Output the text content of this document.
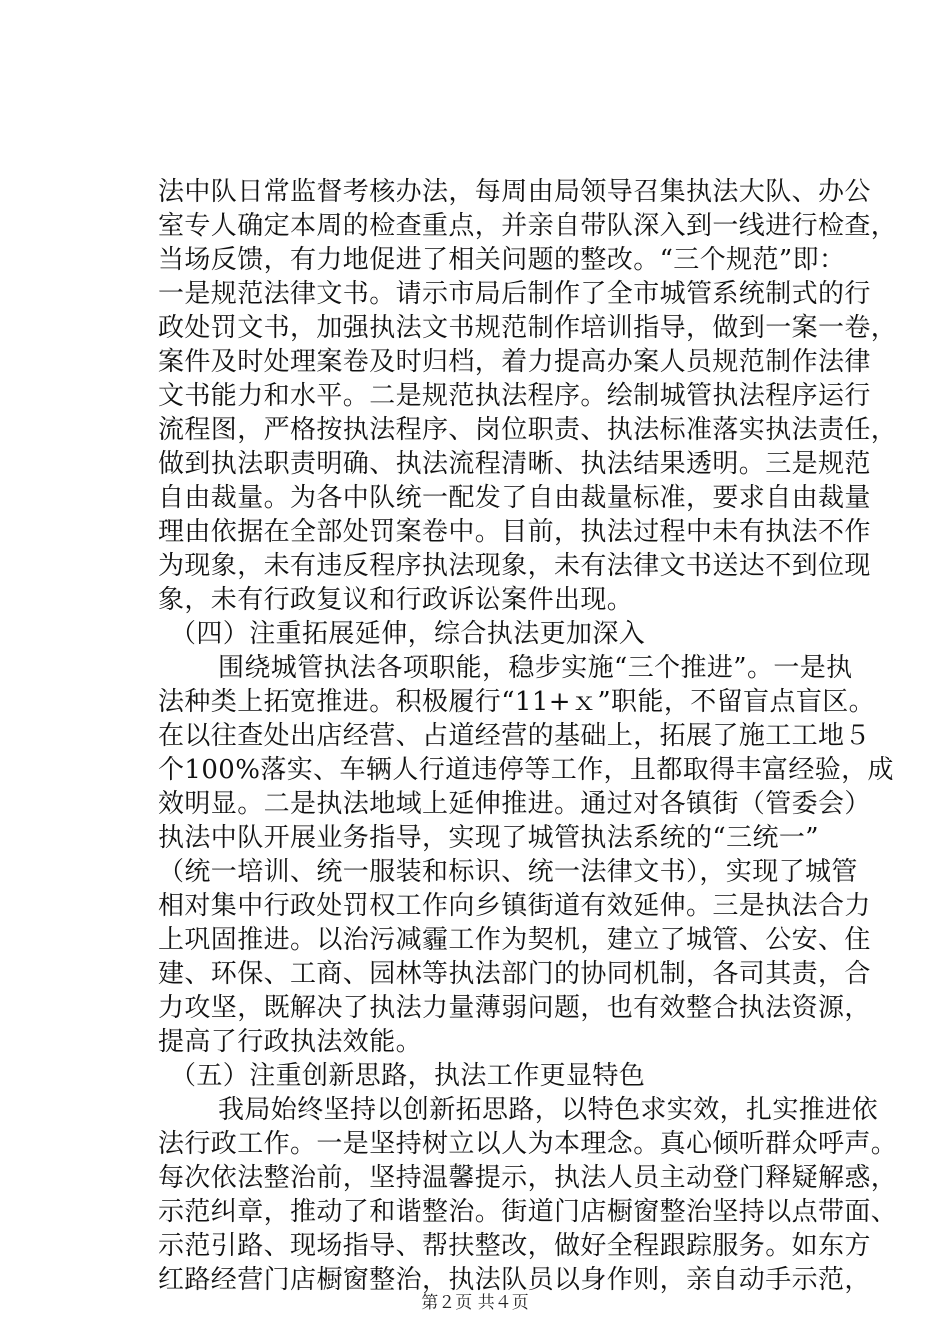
法中队日常监督考核办法，每周由局领导召集执法大队、办公
室专人确定本周的检查重点，并亲自带队深入到一线进行检查，
当场反馈，有力地促进了相关问题的整改。“三个规范”即：
一是规范法律文书。请示市局后制作了全市城管系统制式的行
政处罚文书，加强执法文书规范制作培训指导，做到一案一卷，
案件及时处理案卷及时归档，着力提高办案人员规范制作法律
文书能力和水平。二是规范执法程序。绘制城管执法程序运行
流程图，严格按执法程序、岗位职责、执法标准落实执法责任，
做到执法职责明确、执法流程清晰、执法结果透明。三是规范
自由裁量。为各中队统一配发了自由裁量标准，要求自由裁量
理由依据在全部处罚案卷中。目前，执法过程中未有执法不作
为现象，未有违反程序执法现象，未有法律文书送达不到位现
象，未有行政复议和行政诉讼案件出现。
（四）注重拓展延伸，综合执法更加深入
围绕城管执法各项职能，稳步实施“三个推进”。一是执
法种类上拓宽推进。积极履行“11+ｘ”职能，不留盲点盲区。
在以往查处出店经营、占道经营的基础上，拓展了施工工地５
个100%落实、车辆人行道违停等工作，且都取得丰富经验，成
效明显。二是执法地域上延伸推进。通过对各镇街（管委会）
执法中队开展业务指导，实现了城管执法系统的“三统一”
（统一培训、统一服装和标识、统一法律文书），实现了城管
相对集中行政处罚权工作向乡镇街道有效延伸。三是执法合力
上巩固推进。以治污减霾工作为契机，建立了城管、公安、住
建、环保、工商、园林等执法部门的协同机制，各司其责，合
力攻坚，既解决了执法力量薄弱问题，也有效整合执法资源，
提高了行政执法效能。
（五）注重创新思路，执法工作更显特色
我局始终坚持以创新拓思路，以特色求实效，扎实推进依
法行政工作。一是坚持树立以人为本理念。真心倾听群众呼声。
每次依法整治前，坚持温馨提示，执法人员主动登门释疑解惑，
示范纠章，推动了和谐整治。街道门店橱窗整治坚持以点带面、
示范引路、现场指导、帮扶整改，做好全程跟踪服务。如东方
红路经营门店橱窗整治，执法队员以身作则，亲自动手示范，
第２页 共４页
